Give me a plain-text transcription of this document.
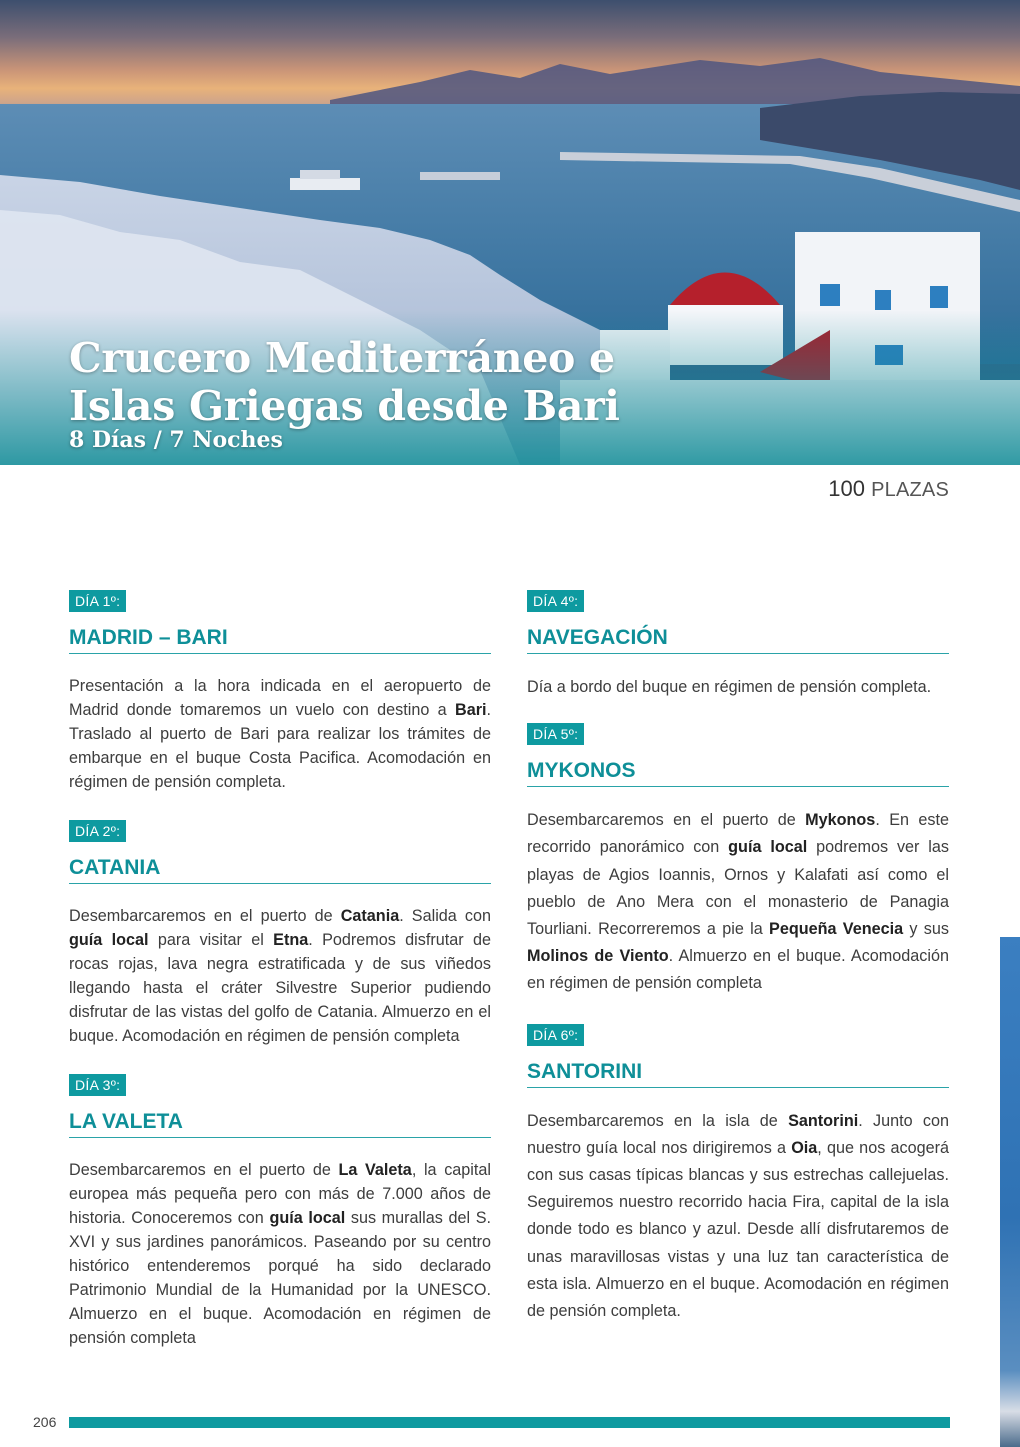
Crucero Mediterráneo e
Islas Griegas desde Bari
8 Días / 7 Noches
100 PLAZAS
DÍA 1º:
MADRID – BARI
Presentación a la hora indicada en el aeropuerto de Madrid donde tomaremos un vuelo con destino a Bari. Traslado al puerto de Bari para realizar los trámites de embarque en el buque Costa Pacifica. Acomodación en régimen de pensión completa.
DÍA 2º:
CATANIA
Desembarcaremos en el puerto de Catania. Salida con guía local para visitar el Etna. Podremos disfrutar de rocas rojas, lava negra estratificada y de sus viñedos llegando hasta el cráter Silvestre Superior pudiendo disfrutar de las vistas del golfo de Catania. Almuerzo en el buque. Acomodación en régimen de pensión completa
DÍA 3º:
LA VALETA
Desembarcaremos en el puerto de La Valeta, la capital europea más pequeña pero con más de 7.000 años de historia. Conoceremos con guía local sus murallas del S. XVI y sus jardines panorámicos. Paseando por su centro histórico entenderemos porqué ha sido declarado Patrimonio Mundial de la Humanidad por la UNESCO. Almuerzo en el buque. Acomodación en régimen de pensión completa
DÍA 4º:
NAVEGACIÓN
Día a bordo del buque en régimen de pensión completa.
DÍA 5º:
MYKONOS
Desembarcaremos en el puerto de Mykonos. En este recorrido panorámico con guía local podremos ver las playas de Agios Ioannis, Ornos y Kalafati así como el pueblo de Ano Mera con el monasterio de Panagia Tourliani. Recorreremos a pie la Pequeña Venecia y sus Molinos de Viento. Almuerzo en el buque. Acomodación en régimen de pensión completa
DÍA 6º:
SANTORINI
Desembarcaremos en la isla de Santorini. Junto con nuestro guía local nos dirigiremos a Oia, que nos acogerá con sus casas típicas blancas y sus estrechas callejuelas. Seguiremos nuestro recorrido hacia Fira, capital de la isla donde todo es blanco y azul. Desde allí disfrutaremos de unas maravillosas vistas y una luz tan característica de esta isla. Almuerzo en el buque. Acomodación en régimen de pensión completa.
206
